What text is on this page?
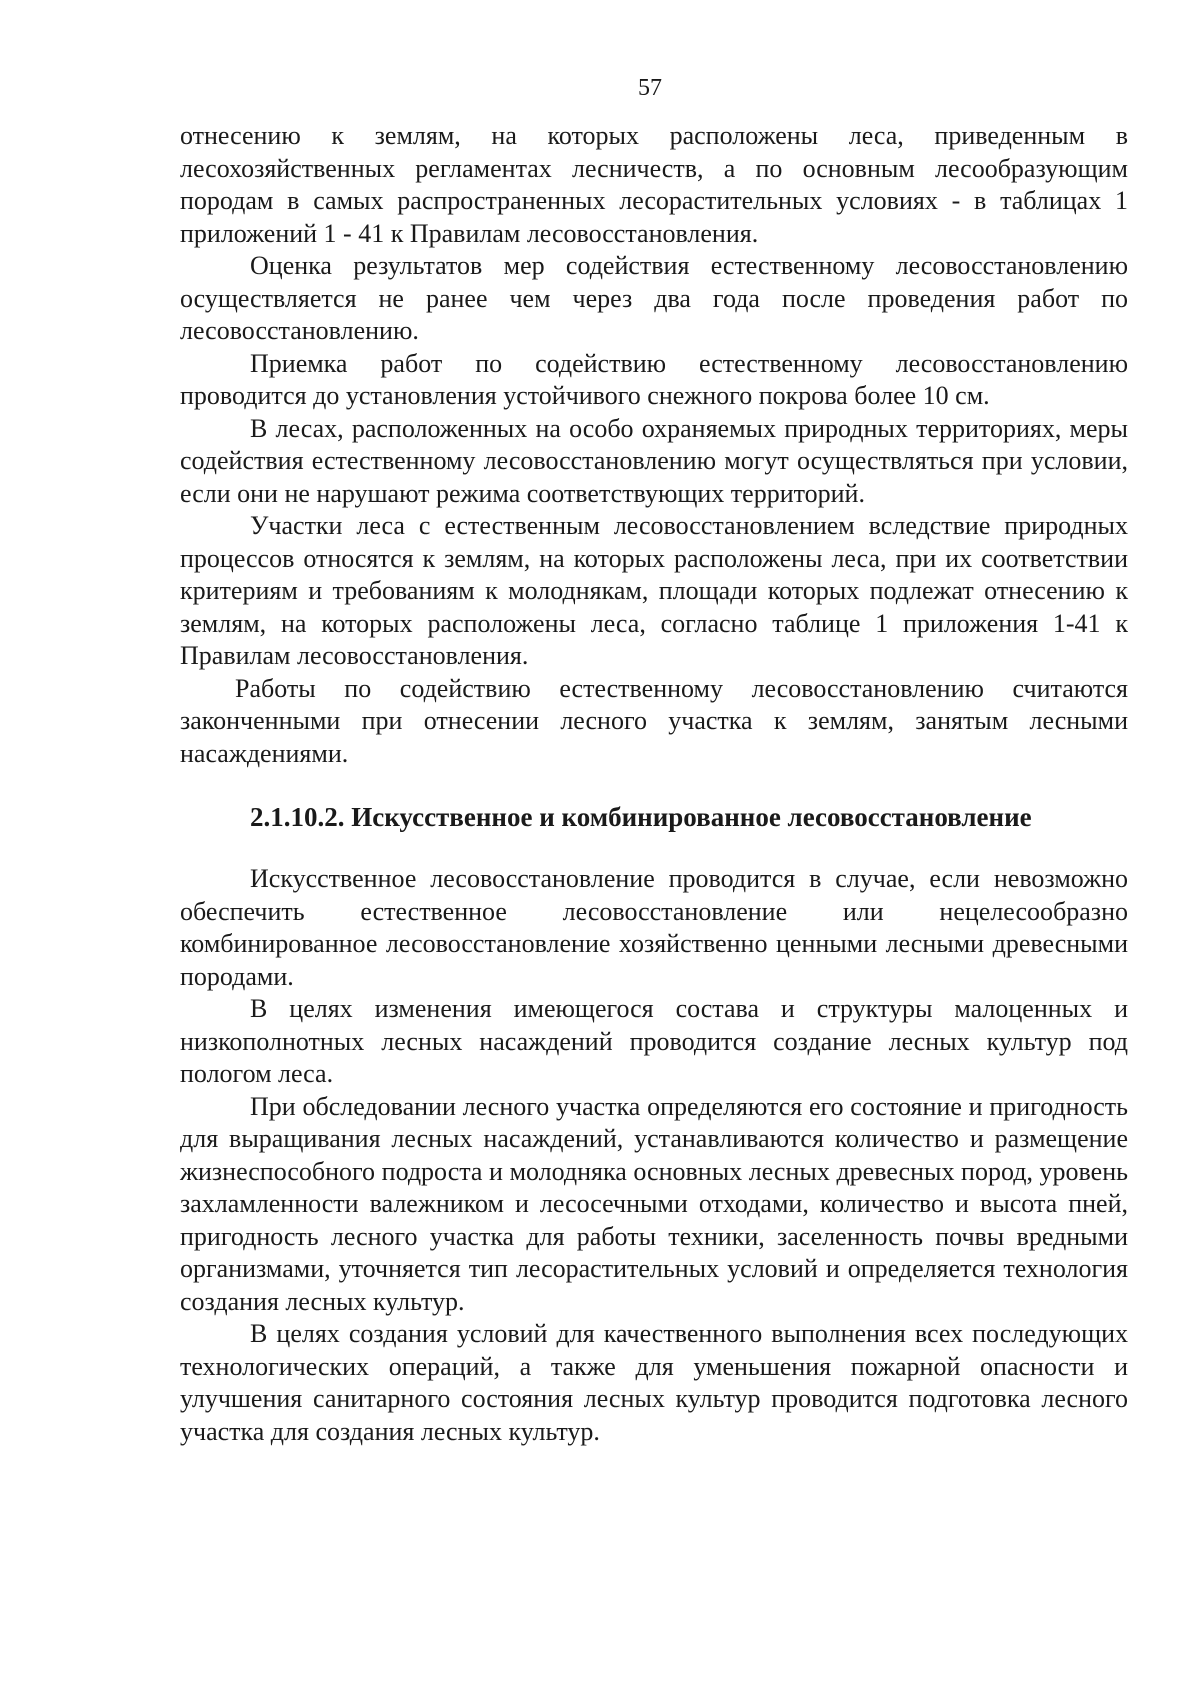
57

отнесению к землям, на которых расположены леса, приведенным в лесохозяйственных регламентах лесничеств, а по основным лесообразующим породам в самых распространенных лесорастительных условиях - в таблицах 1 приложений 1 - 41 к Правилам лесовосстановления.

Оценка результатов мер содействия естественному лесовосстановлению осуществляется не ранее чем через два года после проведения работ по лесовосстановлению.

Приемка работ по содействию естественному лесовосстановлению проводится до установления устойчивого снежного покрова более 10 см.

В лесах, расположенных на особо охраняемых природных территориях, меры содействия естественному лесовосстановлению могут осуществляться при условии, если они не нарушают режима соответствующих территорий.

Участки леса с естественным лесовосстановлением вследствие природных процессов относятся к землям, на которых расположены леса, при их соответствии критериям и требованиям к молоднякам, площади которых подлежат отнесению к землям, на которых расположены леса, согласно таблице 1 приложения 1-41 к Правилам лесовосстановления.

Работы по содействию естественному лесовосстановлению считаются законченными при отнесении лесного участка к землям, занятым лесными насаждениями.

2.1.10.2. Искусственное и комбинированное лесовосстановление

Искусственное лесовосстановление проводится в случае, если невозможно обеспечить естественное лесовосстановление или нецелесообразно комбинированное лесовосстановление хозяйственно ценными лесными древесными породами.

В целях изменения имеющегося состава и структуры малоценных и низкополнотных лесных насаждений проводится создание лесных культур под пологом леса.

При обследовании лесного участка определяются его состояние и пригодность для выращивания лесных насаждений, устанавливаются количество и размещение жизнеспособного подроста и молодняка основных лесных древесных пород, уровень захламленности валежником и лесосечными отходами, количество и высота пней, пригодность лесного участка для работы техники, заселенность почвы вредными организмами, уточняется тип лесорастительных условий и определяется технология создания лесных культур.

В целях создания условий для качественного выполнения всех последующих технологических операций, а также для уменьшения пожарной опасности и улучшения санитарного состояния лесных культур проводится подготовка лесного участка для создания лесных культур.
